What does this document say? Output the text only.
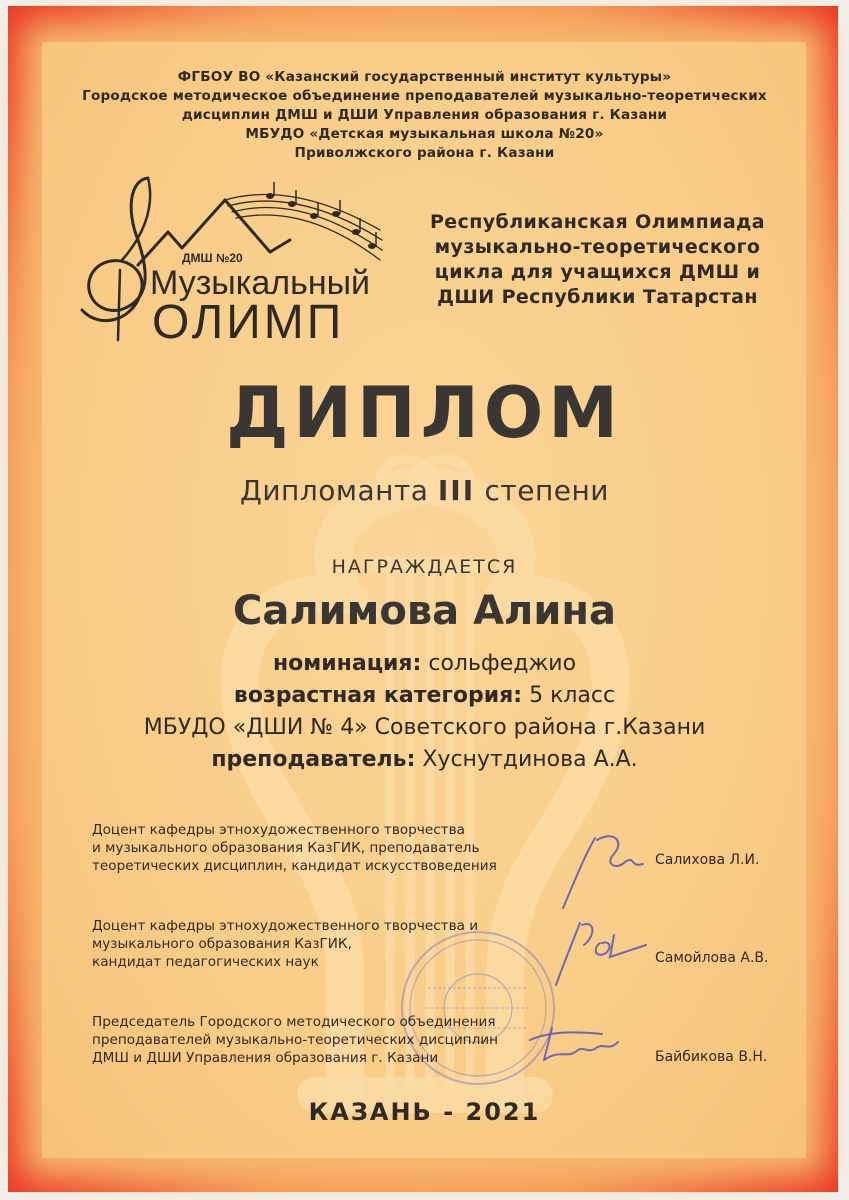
ФГБОУ ВО «Казанский государственный институт культуры»
Городское методическое объединение преподавателей музыкально-теоретических
дисциплин ДМШ и ДШИ Управления образования г. Казани
МБУДО «Детская музыкальная школа №20»
Приволжского района г. Казани
ДМШ №20
Музыкальный
ОЛИМП
Республиканская Олимпиада
музыкально-теоретического
цикла для учащихся ДМШ и
ДШИ Республики Татарстан
ДИПЛОМ
Дипломанта III степени
НАГРАЖДАЕТСЯ
Салимова Алина
номинация: сольфеджио
возрастная категория: 5 класс
МБУДО «ДШИ № 4» Советского района г.Казани
преподаватель: Хуснутдинова А.А.
Доцент кафедры этнохудожественного творчества
и музыкального образования КазГИК, преподаватель
теоретических дисциплин, кандидат искусствоведения	Салихова Л.И.
Доцент кафедры этнохудожественного творчества и
музыкального образования КазГИК,
кандидат педагогических наук	Самойлова А.В.
Председатель Городского методического объединения
преподавателей музыкально-теоретических дисциплин
ДМШ и ДШИ Управления образования г. Казани	Байбикова В.Н.
КАЗАНЬ - 2021
